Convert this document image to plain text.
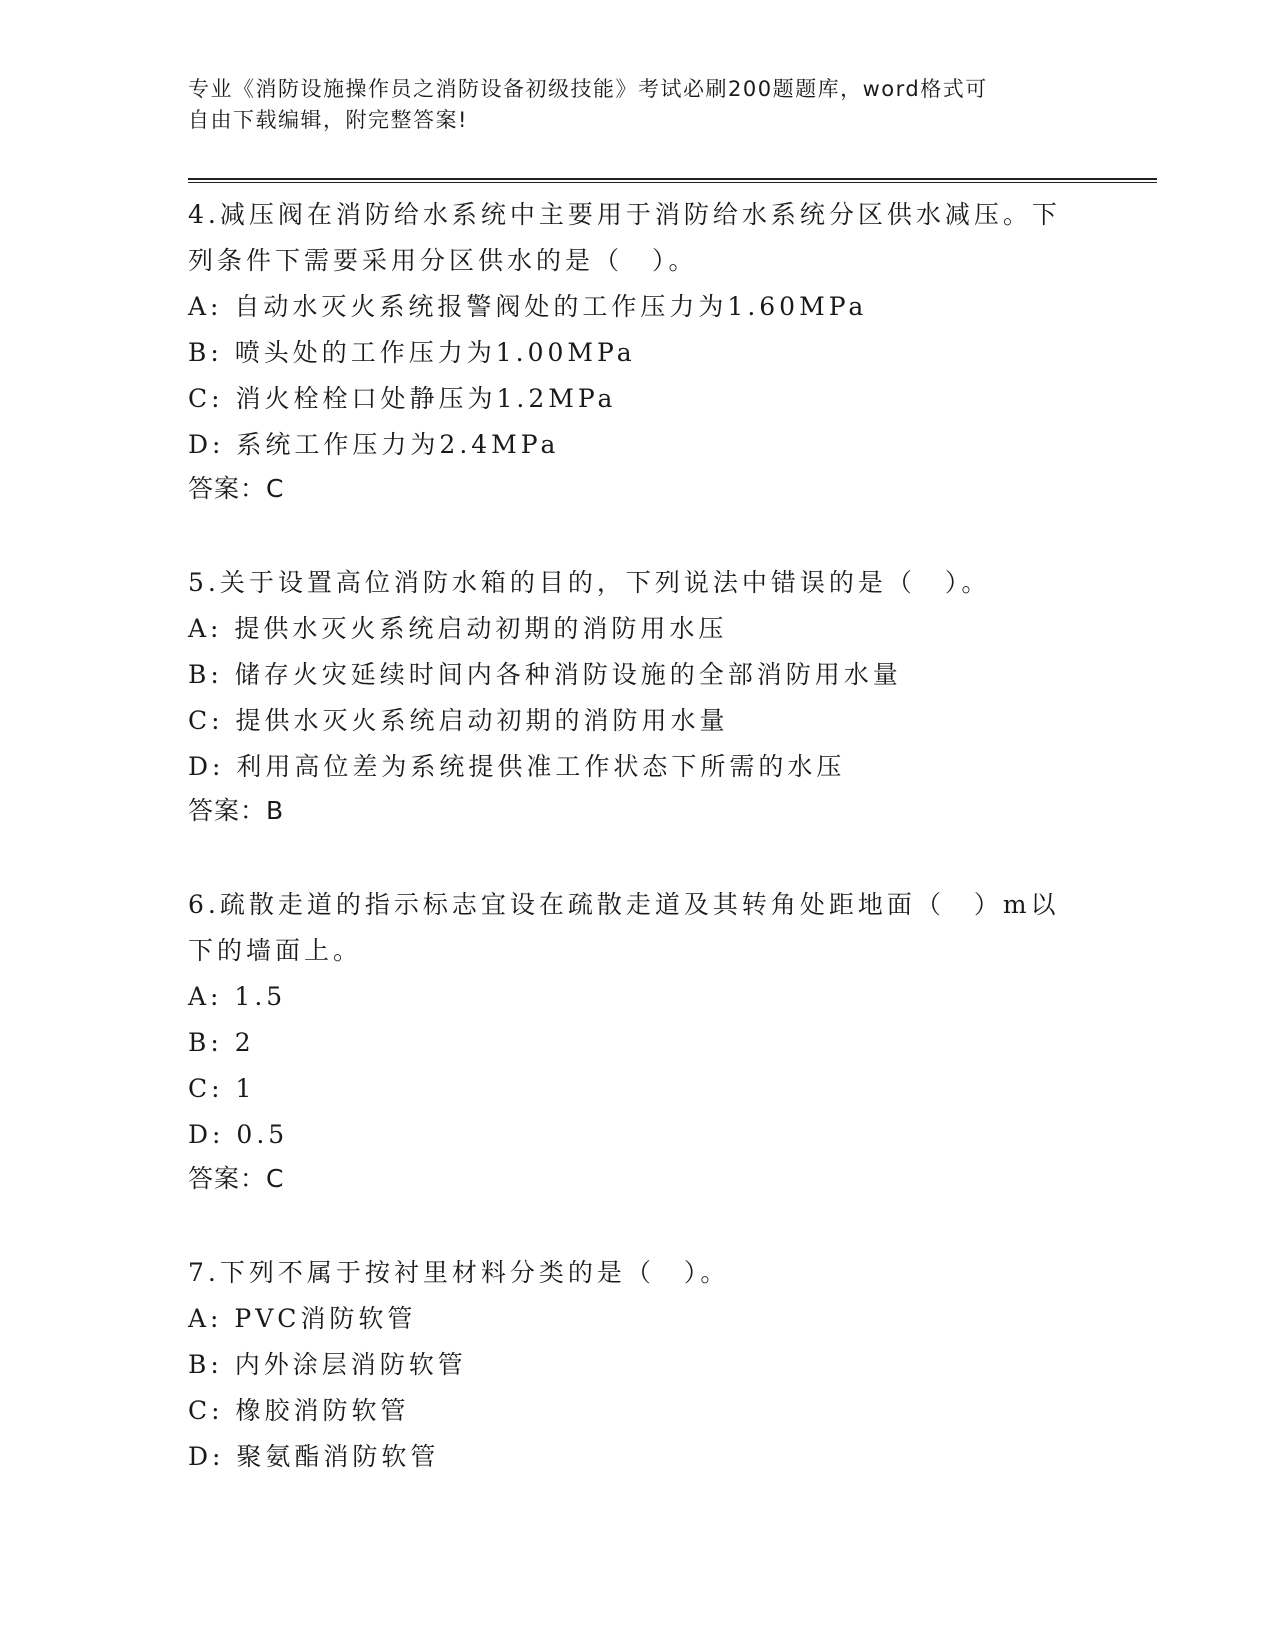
专业《消防设施操作员之消防设备初级技能》考试必刷200题题库，word格式可
自由下载编辑，附完整答案!
4.减压阀在消防给水系统中主要用于消防给水系统分区供水减压。下列条件下需要采用分区供水的是（　）。
A: 自动水灭火系统报警阀处的工作压力为1.60MPa
B: 喷头处的工作压力为1.00MPa
C: 消火栓栓口处静压为1.2MPa
D: 系统工作压力为2.4MPa
答案：C
5.关于设置高位消防水箱的目的，下列说法中错误的是（　）。
A: 提供水灭火系统启动初期的消防用水压
B: 储存火灾延续时间内各种消防设施的全部消防用水量
C: 提供水灭火系统启动初期的消防用水量
D: 利用高位差为系统提供准工作状态下所需的水压
答案：B
6.疏散走道的指示标志宜设在疏散走道及其转角处距地面（　）m以下的墙面上。
A: 1.5
B: 2
C: 1
D: 0.5
答案：C
7.下列不属于按衬里材料分类的是（　）。
A: PVC消防软管
B: 内外涂层消防软管
C: 橡胶消防软管
D: 聚氨酯消防软管
